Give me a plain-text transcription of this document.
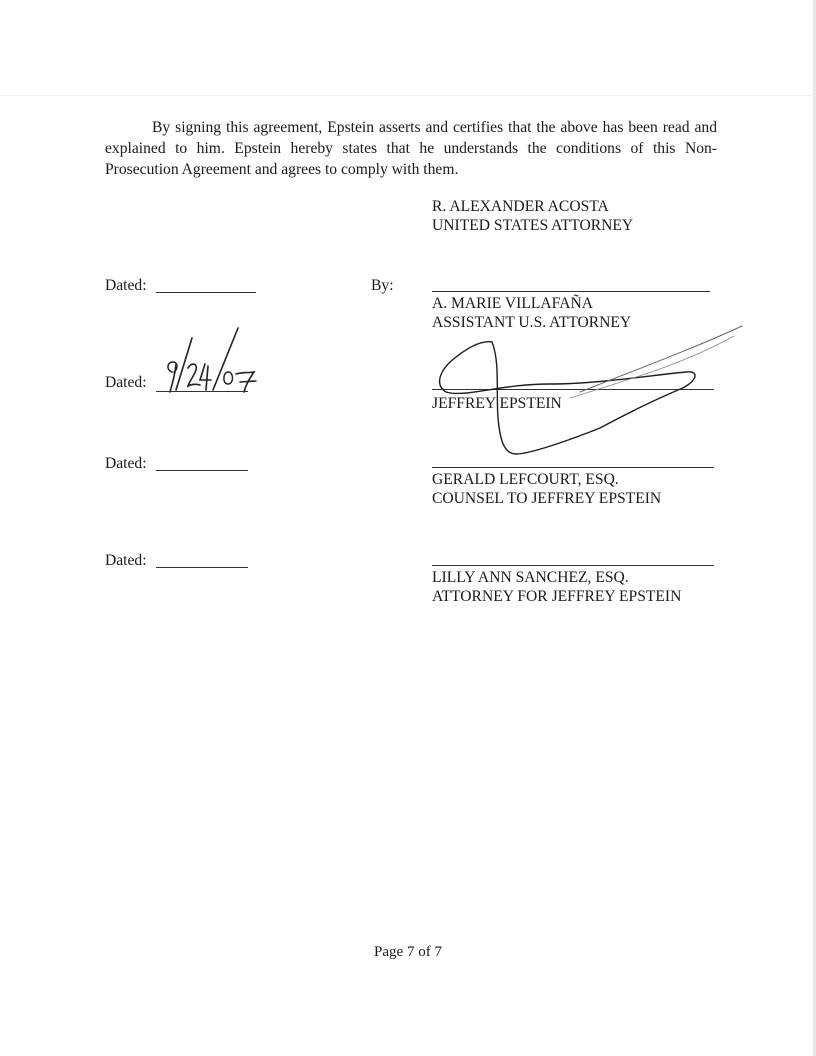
By signing this agreement, Epstein asserts and certifies that the above has been read and explained to him. Epstein hereby states that he understands the conditions of this Non-Prosecution Agreement and agrees to comply with them.

R. ALEXANDER ACOSTA
UNITED STATES ATTORNEY
Dated:	By:
A. MARIE VILLAFAÑA
ASSISTANT U.S. ATTORNEY
Dated:
JEFFREY EPSTEIN
Dated:
GERALD LEFCOURT, ESQ.
COUNSEL TO JEFFREY EPSTEIN
Dated:
LILLY ANN SANCHEZ, ESQ.
ATTORNEY FOR JEFFREY EPSTEIN
Page 7 of 7
